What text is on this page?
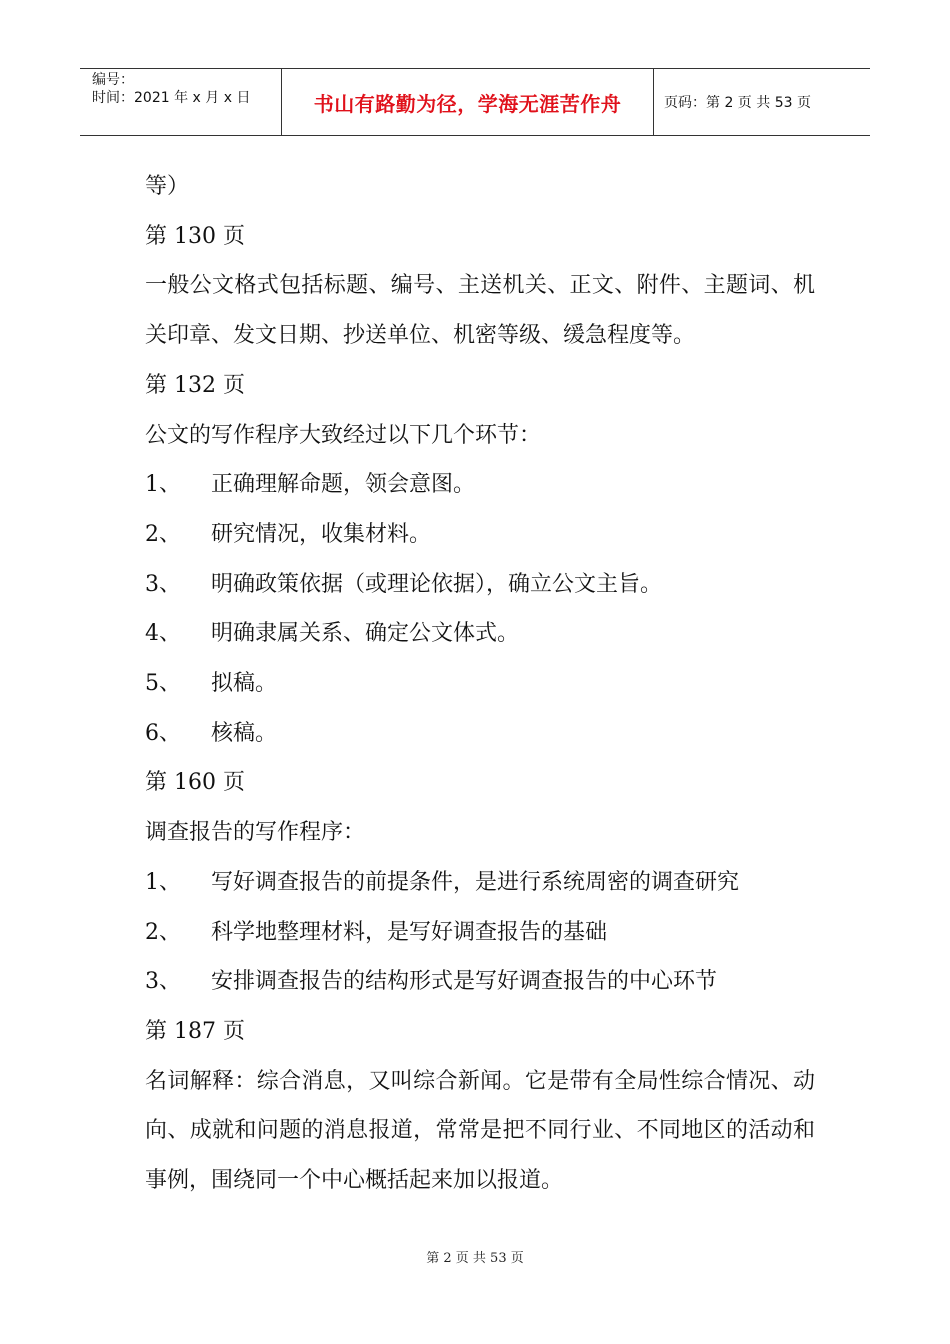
编号：
时间：2021 年 x 月 x 日	书山有路勤为径，学海无涯苦作舟	页码：第 2 页 共 53 页

等）

第 130 页

一般公文格式包括标题、编号、主送机关、正文、附件、主题词、机关印章、发文日期、抄送单位、机密等级、缓急程度等。

第 132 页

公文的写作程序大致经过以下几个环节：

1、 正确理解命题，领会意图。

2、 研究情况，收集材料。

3、 明确政策依据（或理论依据），确立公文主旨。

4、 明确隶属关系、确定公文体式。

5、 拟稿。

6、 核稿。

第 160 页

调查报告的写作程序：

1、 写好调查报告的前提条件，是进行系统周密的调查研究

2、 科学地整理材料，是写好调查报告的基础

3、 安排调查报告的结构形式是写好调查报告的中心环节

第 187 页

名词解释：综合消息，又叫综合新闻。它是带有全局性综合情况、动向、成就和问题的消息报道，常常是把不同行业、不同地区的活动和事例，围绕同一个中心概括起来加以报道。

第 2 页 共 53 页
